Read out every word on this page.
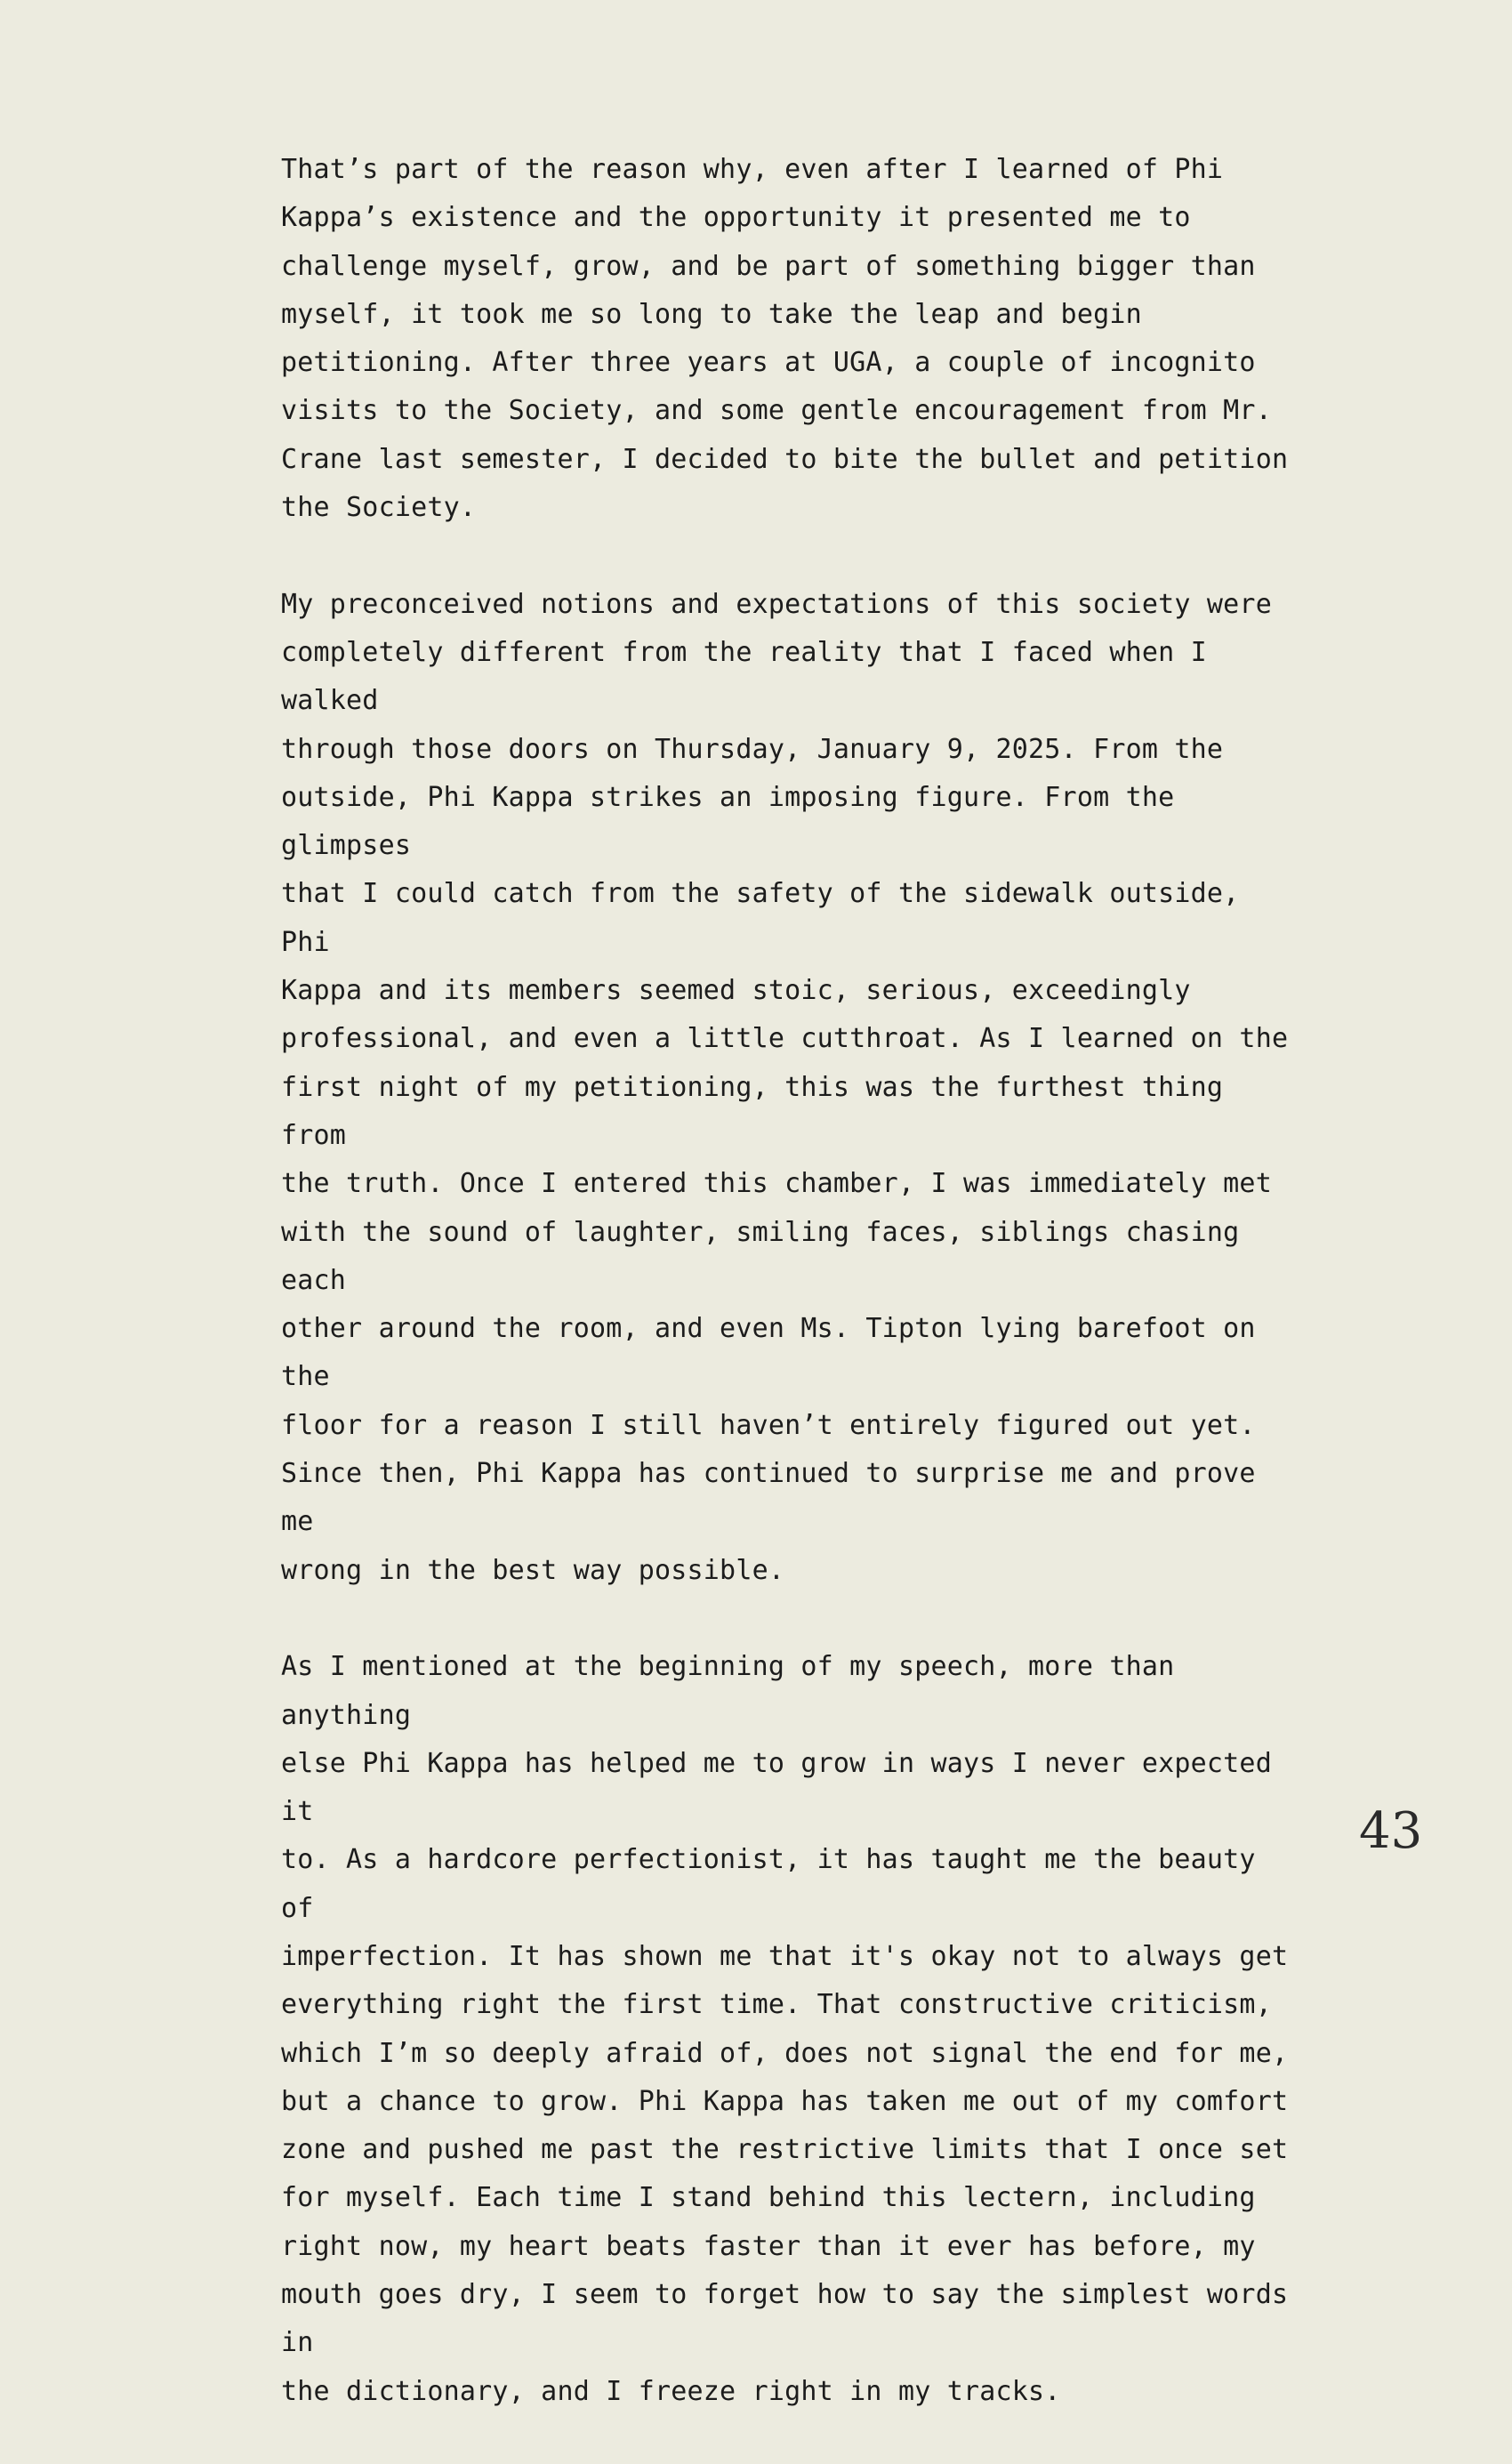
That’s part of the reason why, even after I learned of Phi
Kappa’s existence and the opportunity it presented me to
challenge myself, grow, and be part of something bigger than
myself, it took me so long to take the leap and begin
petitioning. After three years at UGA, a couple of incognito
visits to the Society, and some gentle encouragement from Mr.
Crane last semester, I decided to bite the bullet and petition
the Society.

My preconceived notions and expectations of this society were
completely different from the reality that I faced when I walked
through those doors on Thursday, January 9, 2025. From the
outside, Phi Kappa strikes an imposing figure. From the glimpses
that I could catch from the safety of the sidewalk outside, Phi
Kappa and its members seemed stoic, serious, exceedingly
professional, and even a little cutthroat. As I learned on the
first night of my petitioning, this was the furthest thing from
the truth. Once I entered this chamber, I was immediately met
with the sound of laughter, smiling faces, siblings chasing each
other around the room, and even Ms. Tipton lying barefoot on the
floor for a reason I still haven’t entirely figured out yet.
Since then, Phi Kappa has continued to surprise me and prove me
wrong in the best way possible.

As I mentioned at the beginning of my speech, more than anything
else Phi Kappa has helped me to grow in ways I never expected it
to. As a hardcore perfectionist, it has taught me the beauty of
imperfection. It has shown me that it's okay not to always get
everything right the first time. That constructive criticism,
which I’m so deeply afraid of, does not signal the end for me,
but a chance to grow. Phi Kappa has taken me out of my comfort
zone and pushed me past the restrictive limits that I once set
for myself. Each time I stand behind this lectern, including
right now, my heart beats faster than it ever has before, my
mouth goes dry, I seem to forget how to say the simplest words in
the dictionary, and I freeze right in my tracks.

43
